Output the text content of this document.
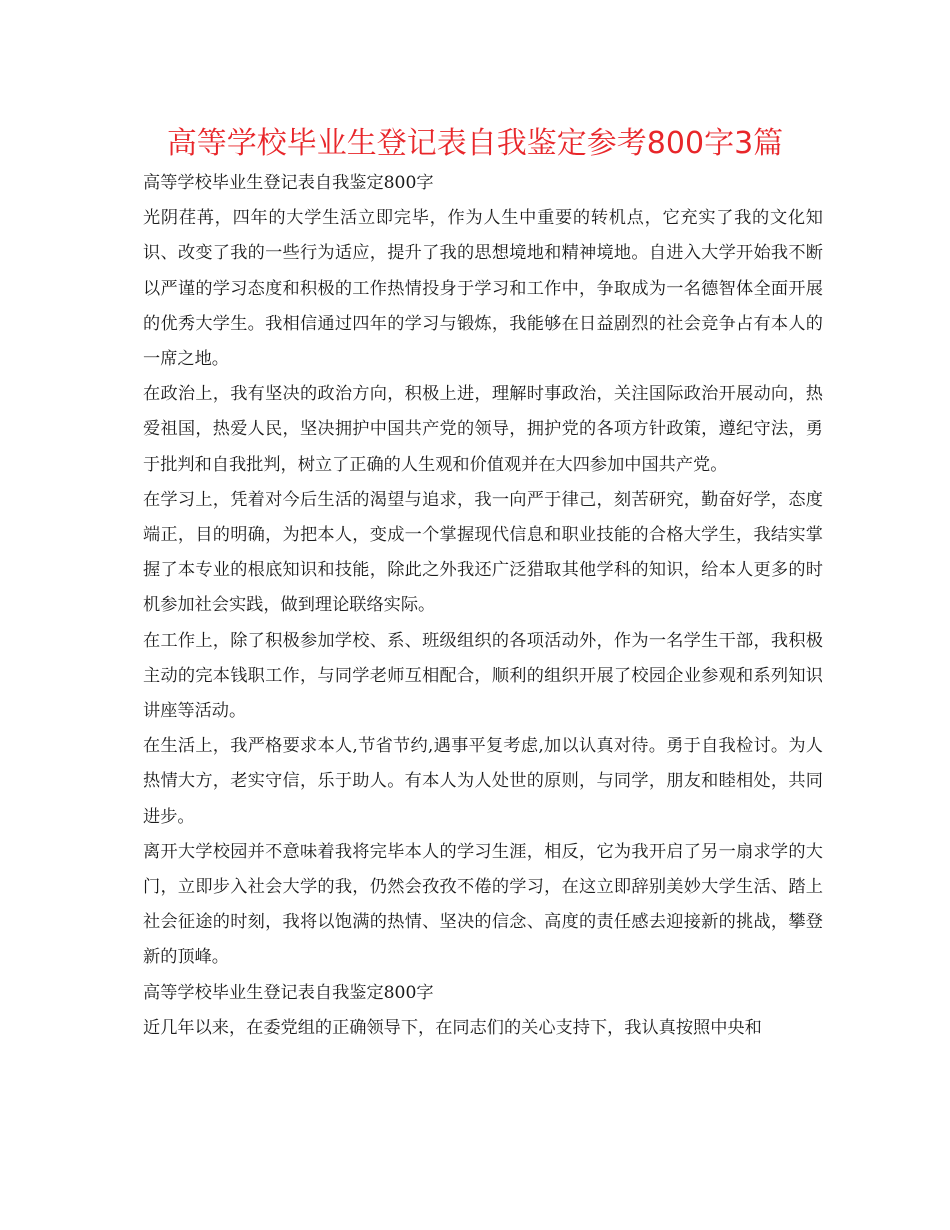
高等学校毕业生登记表自我鉴定参考800字3篇

高等学校毕业生登记表自我鉴定800字

光阴荏苒，四年的大学生活立即完毕，作为人生中重要的转机点，它充实了我的文化知识、改变了我的一些行为适应，提升了我的思想境地和精神境地。自进入大学开始我不断以严谨的学习态度和积极的工作热情投身于学习和工作中，争取成为一名德智体全面开展的优秀大学生。我相信通过四年的学习与锻炼，我能够在日益剧烈的社会竞争占有本人的一席之地。

在政治上，我有坚决的政治方向，积极上进，理解时事政治，关注国际政治开展动向，热爱祖国，热爱人民，坚决拥护中国共产党的领导，拥护党的各项方针政策，遵纪守法，勇于批判和自我批判，树立了正确的人生观和价值观并在大四参加中国共产党。

在学习上，凭着对今后生活的渴望与追求，我一向严于律己，刻苦研究，勤奋好学，态度端正，目的明确，为把本人，变成一个掌握现代信息和职业技能的合格大学生，我结实掌握了本专业的根底知识和技能，除此之外我还广泛猎取其他学科的知识，给本人更多的时机参加社会实践，做到理论联络实际。

在工作上，除了积极参加学校、系、班级组织的各项活动外，作为一名学生干部，我积极主动的完本钱职工作，与同学老师互相配合，顺利的组织开展了校园企业参观和系列知识讲座等活动。

在生活上，我严格要求本人,节省节约,遇事平复考虑,加以认真对待。勇于自我检讨。为人热情大方，老实守信，乐于助人。有本人为人处世的原则，与同学，朋友和睦相处，共同进步。

离开大学校园并不意味着我将完毕本人的学习生涯，相反，它为我开启了另一扇求学的大门，立即步入社会大学的我，仍然会孜孜不倦的学习，在这立即辞别美妙大学生活、踏上社会征途的时刻，我将以饱满的热情、坚决的信念、高度的责任感去迎接新的挑战，攀登新的顶峰。

高等学校毕业生登记表自我鉴定800字

近几年以来，在委党组的正确领导下，在同志们的关心支持下，我认真按照中央和
